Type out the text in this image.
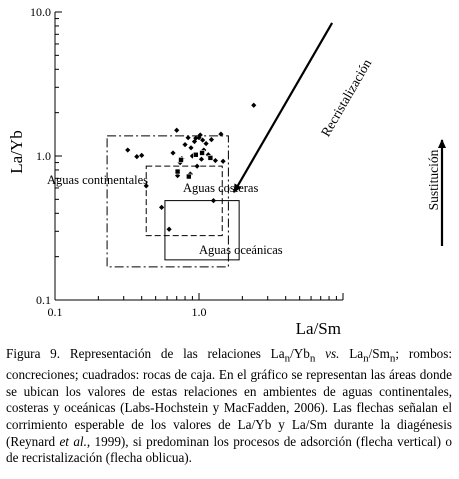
0.1	1.0
0.1
1.0
10.0
La/Sm
La/Yb
Aguas continentales
Aguas costeras
Aguas oceánicas
Recristalización
Sustitución
Figura 9. Representación de las relaciones $La_n/Yb_n$ vs. $La_n/Sm_n$; rombos: concreciones; cuadrados: rocas de caja. En el gráfico se representan las áreas donde se ubican los valores de estas relaciones en ambientes de aguas continentales, costeras y oceánicas (Labs-Hochstein y MacFadden, 2006). Las flechas señalan el corrimiento esperable de los valores de La/Yb y La/Sm durante la diagénesis (Reynard et al., 1999), si predominan los procesos de adsorción (flecha vertical) o de recristalización (flecha oblicua).
